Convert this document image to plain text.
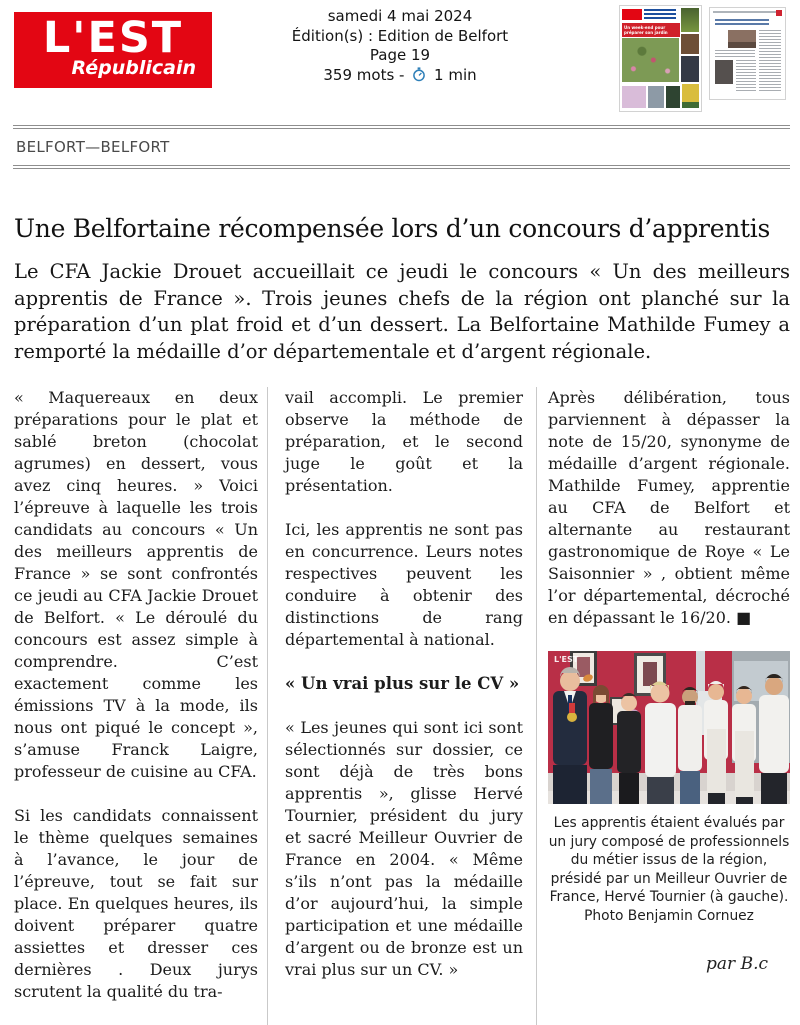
L'EST
Républicain
samedi 4 mai 2024
Édition(s) : Edition de Belfort
Page 19
359 mots - 1 min
Un week-end pour préparer son jardin
BELFORT—BELFORT
Une Belfortaine récompensée lors d’un concours d’apprentis

Le CFA Jackie Drouet accueillait ce jeudi le concours « Un des meilleurs apprentis de France ». Trois jeunes chefs de la région ont planché sur la préparation d’un plat froid et d’un dessert. La Belfortaine Mathilde Fumey a remporté la médaille d’or départementale et d’argent régionale.

« Maquereaux en deux préparations pour le plat et sablé breton (chocolat agrumes) en dessert, vous avez cinq heures. » Voici l’épreuve à laquelle les trois candidats au concours « Un des meilleurs apprentis de France » se sont confrontés ce jeudi au CFA Jackie Drouet de Belfort. « Le déroulé du concours est assez simple à comprendre. C’est exactement comme les émissions TV à la mode, ils nous ont piqué le concept », s’amuse Franck Laigre, professeur de cuisine au CFA.

Si les candidats connaissent le thème quelques semaines à l’avance, le jour de l’épreuve, tout se fait sur place. En quelques heures, ils doivent préparer quatre assiettes et dresser ces dernières . Deux jurys scrutent la qualité du tra-

vail accompli. Le premier observe la méthode de préparation, et le second juge le goût et la présentation.

Ici, les apprentis ne sont pas en concurrence. Leurs notes respectives peuvent les conduire à obtenir des distinctions de rang départemental à national.

« Un vrai plus sur le CV »

« Les jeunes qui sont ici sont sélectionnés sur dossier, ce sont déjà de très bons apprentis », glisse Hervé Tournier, président du jury et sacré Meilleur Ouvrier de France en 2004. « Même s’ils n’ont pas la médaille d’or aujourd’hui, la simple participation et une médaille d’argent ou de bronze est un vrai plus sur un CV. »

Après délibération, tous parviennent à dépasser la note de 15/20, synonyme de médaille d’argent régionale. Mathilde Fumey, apprentie au CFA de Belfort et alternante au restaurant gastronomique de Roye « Le Saisonnier » , obtient même l’or départemental, décroché en dépassant le 16/20. ■

L'EST
Les apprentis étaient évalués par un jury composé de professionnels du métier issus de la région, présidé par un Meilleur Ouvrier de France, Hervé Tournier (à gauche). Photo Benjamin Cornuez
par B.c
